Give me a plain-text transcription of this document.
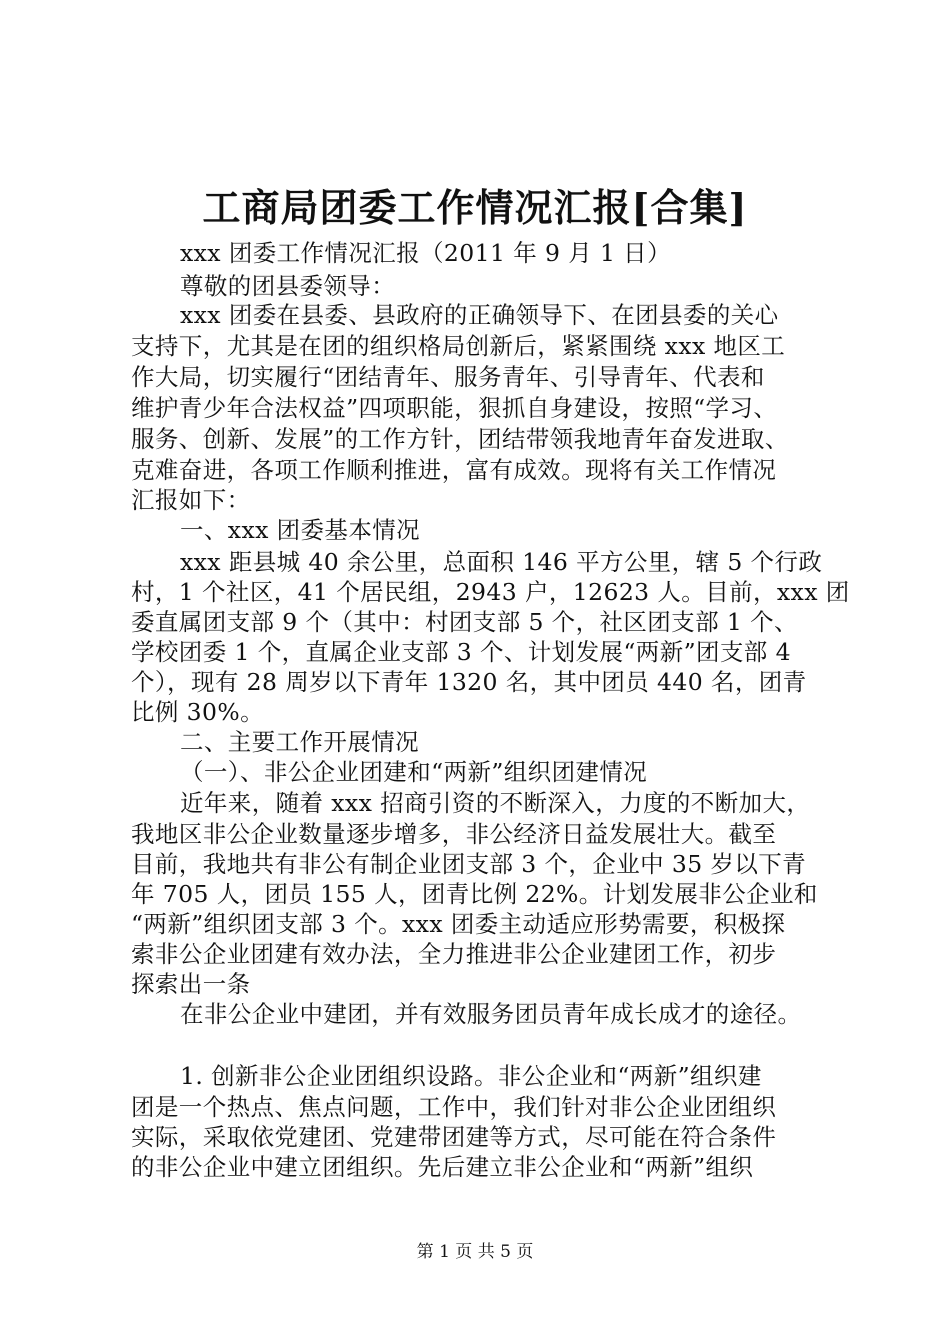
工商局团委工作情况汇报[合集]
xxx 团委工作情况汇报（2011 年 9 月 1 日）
尊敬的团县委领导：
xxx 团委在县委、县政府的正确领导下、在团县委的关心
支持下，尤其是在团的组织格局创新后，紧紧围绕 xxx 地区工
作大局，切实履行“团结青年、服务青年、引导青年、代表和
维护青少年合法权益”四项职能，狠抓自身建设，按照“学习、
服务、创新、发展”的工作方针，团结带领我地青年奋发进取、
克难奋进，各项工作顺利推进，富有成效。现将有关工作情况
汇报如下：
一、xxx 团委基本情况
xxx 距县城 40 余公里，总面积 146 平方公里，辖 5 个行政
村，1 个社区，41 个居民组，2943 户，12623 人。目前，xxx 团
委直属团支部 9 个（其中：村团支部 5 个，社区团支部 1 个、
学校团委 1 个，直属企业支部 3 个、计划发展“两新”团支部 4
个），现有 28 周岁以下青年 1320 名，其中团员 440 名，团青
比例 30%。
二、主要工作开展情况
（一）、非公企业团建和“两新”组织团建情况
近年来，随着 xxx 招商引资的不断深入，力度的不断加大，
我地区非公企业数量逐步增多，非公经济日益发展壮大。截至
目前，我地共有非公有制企业团支部 3 个，企业中 35 岁以下青
年 705 人，团员 155 人，团青比例 22%。计划发展非公企业和
“两新”组织团支部 3 个。xxx 团委主动适应形势需要，积极探
索非公企业团建有效办法，全力推进非公企业建团工作，初步
探索出一条
在非公企业中建团，并有效服务团员青年成长成才的途径。
1. 创新非公企业团组织设路。非公企业和“两新”组织建
团是一个热点、焦点问题，工作中，我们针对非公企业团组织
实际，采取依党建团、党建带团建等方式，尽可能在符合条件
的非公企业中建立团组织。先后建立非公企业和“两新”组织
第 1 页 共 5 页
